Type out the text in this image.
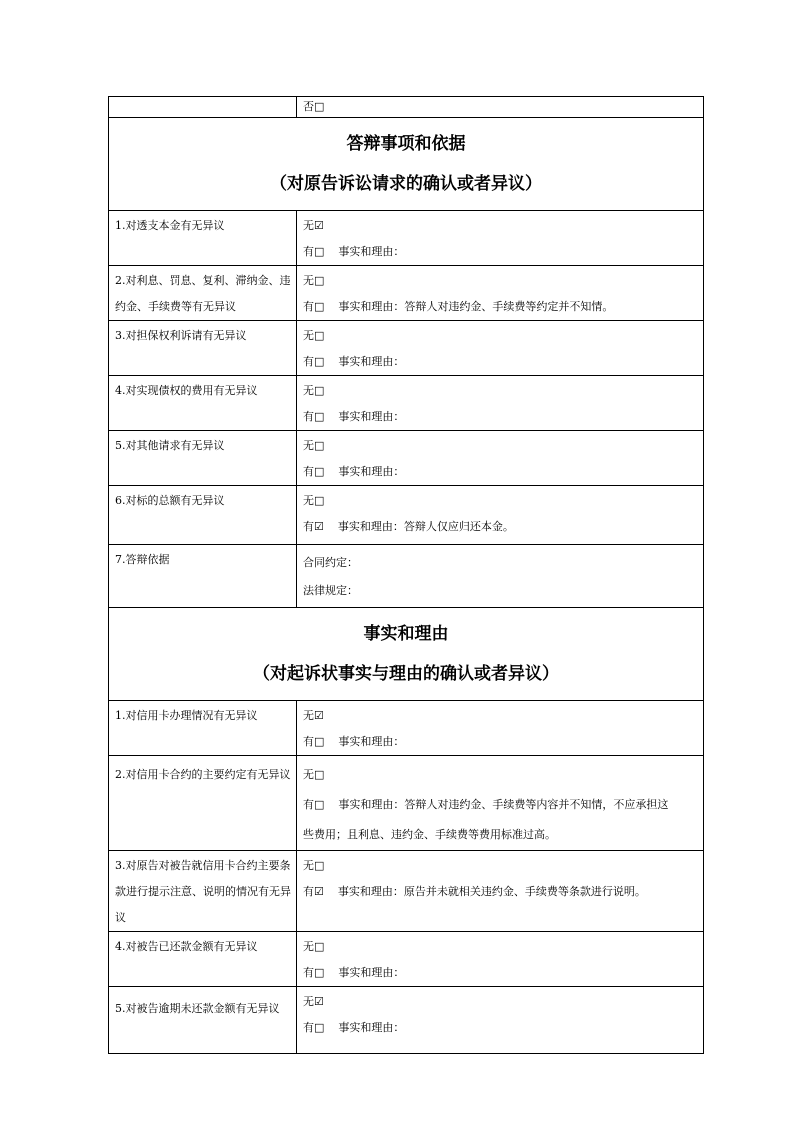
	否□

答辩事项和依据
（对原告诉讼请求的确认或者异议）	

1.对透支本金有无异议	无☑
有□ 事实和理由：

2.对利息、罚息、复利、滞纳金、违约金、手续费等有无异议	无□
有□ 事实和理由：答辩人对违约金、手续费等约定并不知情。

3.对担保权利诉请有无异议	无□
有□ 事实和理由：

4.对实现债权的费用有无异议	无□
有□ 事实和理由：

5.对其他请求有无异议	无□
有□ 事实和理由：

6.对标的总额有无异议	无□
有☑ 事实和理由：答辩人仅应归还本金。

7.答辩依据	合同约定：
法律规定：

事实和理由
（对起诉状事实与理由的确认或者异议）	

1.对信用卡办理情况有无异议	无☑
有□ 事实和理由：

2.对信用卡合约的主要约定有无异议	无□
有□ 事实和理由：答辩人对违约金、手续费等内容并不知情，不应承担这
些费用；且利息、违约金、手续费等费用标准过高。

3.对原告对被告就信用卡合约主要条款进行提示注意、说明的情况有无异议	无□
有☑ 事实和理由：原告并未就相关违约金、手续费等条款进行说明。

4.对被告已还款金额有无异议	无□
有□ 事实和理由：

5.对被告逾期未还款金额有无异议	无☑
有□ 事实和理由：
